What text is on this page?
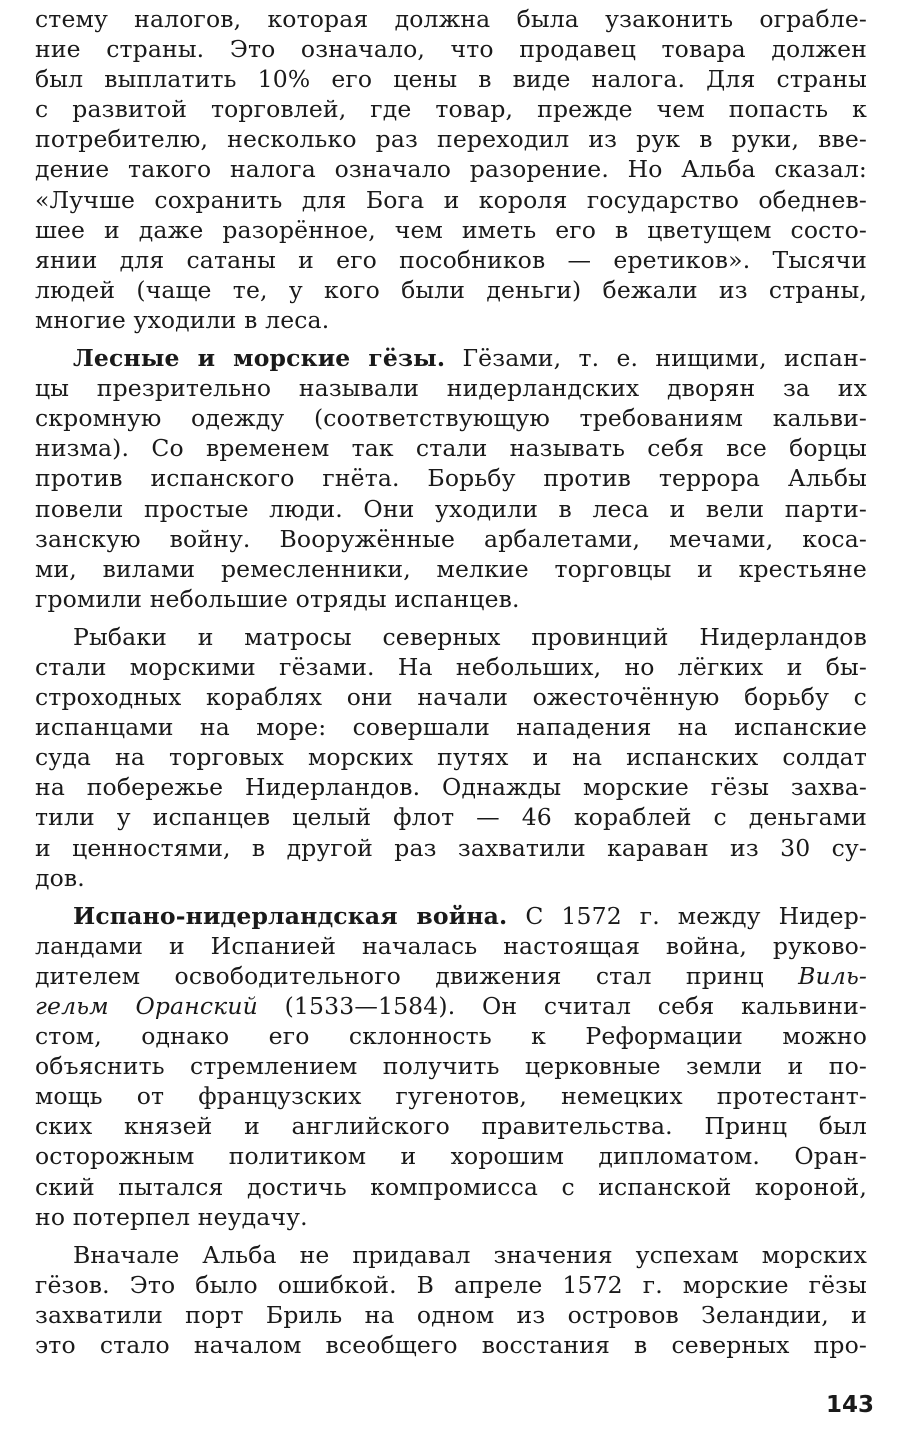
стему налогов, которая должна была узаконить ограбле-
ние страны. Это означало, что продавец товара должен
был выплатить 10% его цены в виде налога. Для страны
с развитой торговлей, где товар, прежде чем попасть к
потребителю, несколько раз переходил из рук в руки, вве-
дение такого налога означало разорение. Но Альба сказал:
«Лучше сохранить для Бога и короля государство обеднев-
шее и даже разорённое, чем иметь его в цветущем состо-
янии для сатаны и его пособников — еретиков». Тысячи
людей (чаще те, у кого были деньги) бежали из страны,
многие уходили в леса.
Лесные и морские гёзы. Гёзами, т. е. нищими, испан-
цы презрительно называли нидерландских дворян за их
скромную одежду (соответствующую требованиям кальви-
низма). Со временем так стали называть себя все борцы
против испанского гнёта. Борьбу против террора Альбы
повели простые люди. Они уходили в леса и вели парти-
занскую войну. Вооружённые арбалетами, мечами, коса-
ми, вилами ремесленники, мелкие торговцы и крестьяне
громили небольшие отряды испанцев.
Рыбаки и матросы северных провинций Нидерландов
стали морскими гёзами. На небольших, но лёгких и бы-
строходных кораблях они начали ожесточённую борьбу с
испанцами на море: совершали нападения на испанские
суда на торговых морских путях и на испанских солдат
на побережье Нидерландов. Однажды морские гёзы захва-
тили у испанцев целый флот — 46 кораблей с деньгами
и ценностями, в другой раз захватили караван из 30 су-
дов.
Испано-нидерландская война. С 1572 г. между Нидер-
ландами и Испанией началась настоящая война, руково-
дителем освободительного движения стал принц Виль-
гельм Оранский (1533—1584). Он считал себя кальвини-
стом, однако его склонность к Реформации можно
объяснить стремлением получить церковные земли и по-
мощь от французских гугенотов, немецких протестант-
ских князей и английского правительства. Принц был
осторожным политиком и хорошим дипломатом. Оран-
ский пытался достичь компромисса с испанской короной,
но потерпел неудачу.
Вначале Альба не придавал значения успехам морских
гёзов. Это было ошибкой. В апреле 1572 г. морские гёзы
захватили порт Бриль на одном из островов Зеландии, и
это стало началом всеобщего восстания в северных про-
143
